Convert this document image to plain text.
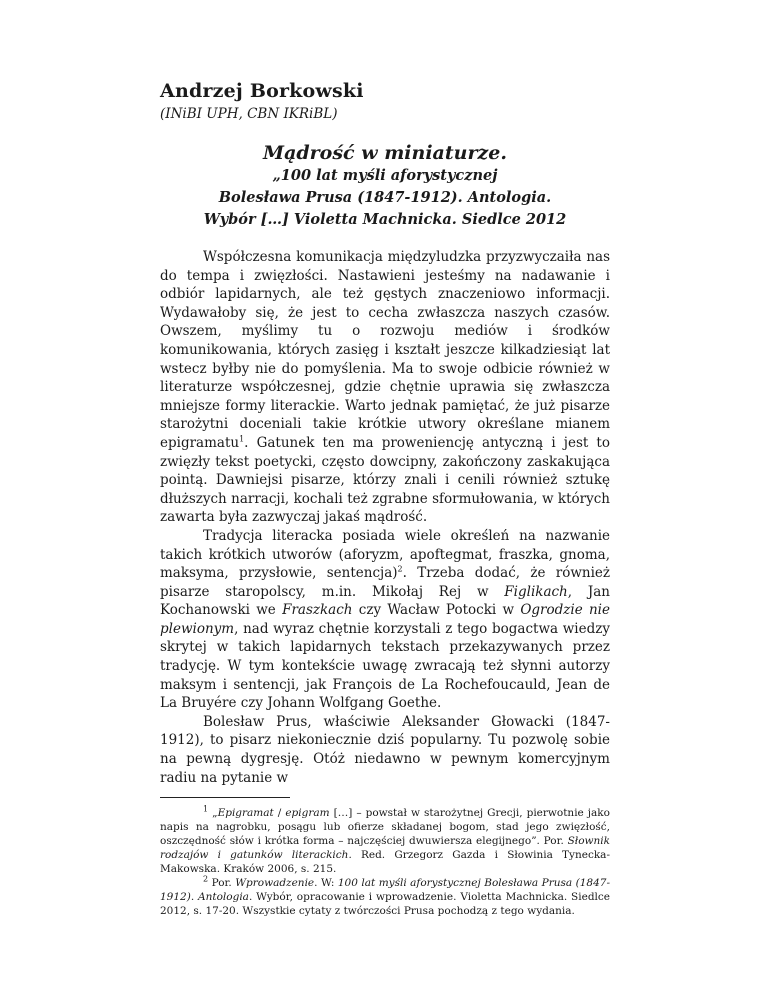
Andrzej Borkowski
(INiBI UPH, CBN IKRiBL)
Mądrość w miniaturze.
„100 lat myśli aforystycznej
Bolesława Prusa (1847-1912). Antologia.
Wybór […] Violetta Machnicka. Siedlce 2012

Współczesna komunikacja międzyludzka przyzwyczaiła nas do tempa i zwięzłości. Nastawieni jesteśmy na nadawanie i odbiór lapidarnych, ale też gęstych znaczeniowo informacji. Wydawałoby się, że jest to cecha zwłaszcza naszych czasów. Owszem, myślimy tu o rozwoju mediów i środków komunikowania, których zasięg i kształt jeszcze kilkadziesiąt lat wstecz byłby nie do pomyślenia. Ma to swoje odbicie również w literaturze współczesnej, gdzie chętnie uprawia się zwłaszcza mniejsze formy literackie. Warto jednak pamiętać, że już pisarze starożytni doceniali takie krótkie utwory określane mianem epigramatu$^1$. Gatunek ten ma proweniencję antyczną i jest to zwięzły tekst poetycki, często dowcipny, zakończony zaskakująca pointą. Dawniejsi pisarze, którzy znali i cenili również sztukę dłuższych narracji, kochali też zgrabne sformułowania, w których zawarta była zazwyczaj jakaś mądrość.

Tradycja literacka posiada wiele określeń na nazwanie takich krótkich utworów (aforyzm, apoftegmat, fraszka, gnoma, maksyma, przysłowie, sentencja)$^2$. Trzeba dodać, że również pisarze staropolscy, m.in. Mikołaj Rej w Figlikach, Jan Kochanowski we Fraszkach czy Wacław Potocki w Ogrodzie nie plewionym, nad wyraz chętnie korzystali z tego bogactwa wiedzy skrytej w takich lapidarnych tekstach przekazywanych przez tradycję. W tym kontekście uwagę zwracają też słynni autorzy maksym i sentencji, jak François de La Rochefoucauld, Jean de La Bruyére czy Johann Wolfgang Goethe.

Bolesław Prus, właściwie Aleksander Głowacki (1847-1912), to pisarz niekoniecznie dziś popularny. Tu pozwolę sobie na pewną dygresję. Otóż niedawno w pewnym komercyjnym radiu na pytanie w

$^1$ „Epigramat / epigram […] – powstał w starożytnej Grecji, pierwotnie jako napis na nagrobku, posągu lub ofierze składanej bogom, stad jego zwięzłość, oszczędność słów i krótka forma – najczęściej dwuwiersza elegijnego”. Por. Słownik rodzajów i gatunków literackich. Red. Grzegorz Gazda i Słowinia Tynecka-Makowska. Kraków 2006, s. 215.

$^2$ Por. Wprowadzenie. W: 100 lat myśli aforystycznej Bolesława Prusa (1847-1912). Antologia. Wybór, opracowanie i wprowadzenie. Violetta Machnicka. Siedlce 2012, s. 17-20. Wszystkie cytaty z twórczości Prusa pochodzą z tego wydania.
